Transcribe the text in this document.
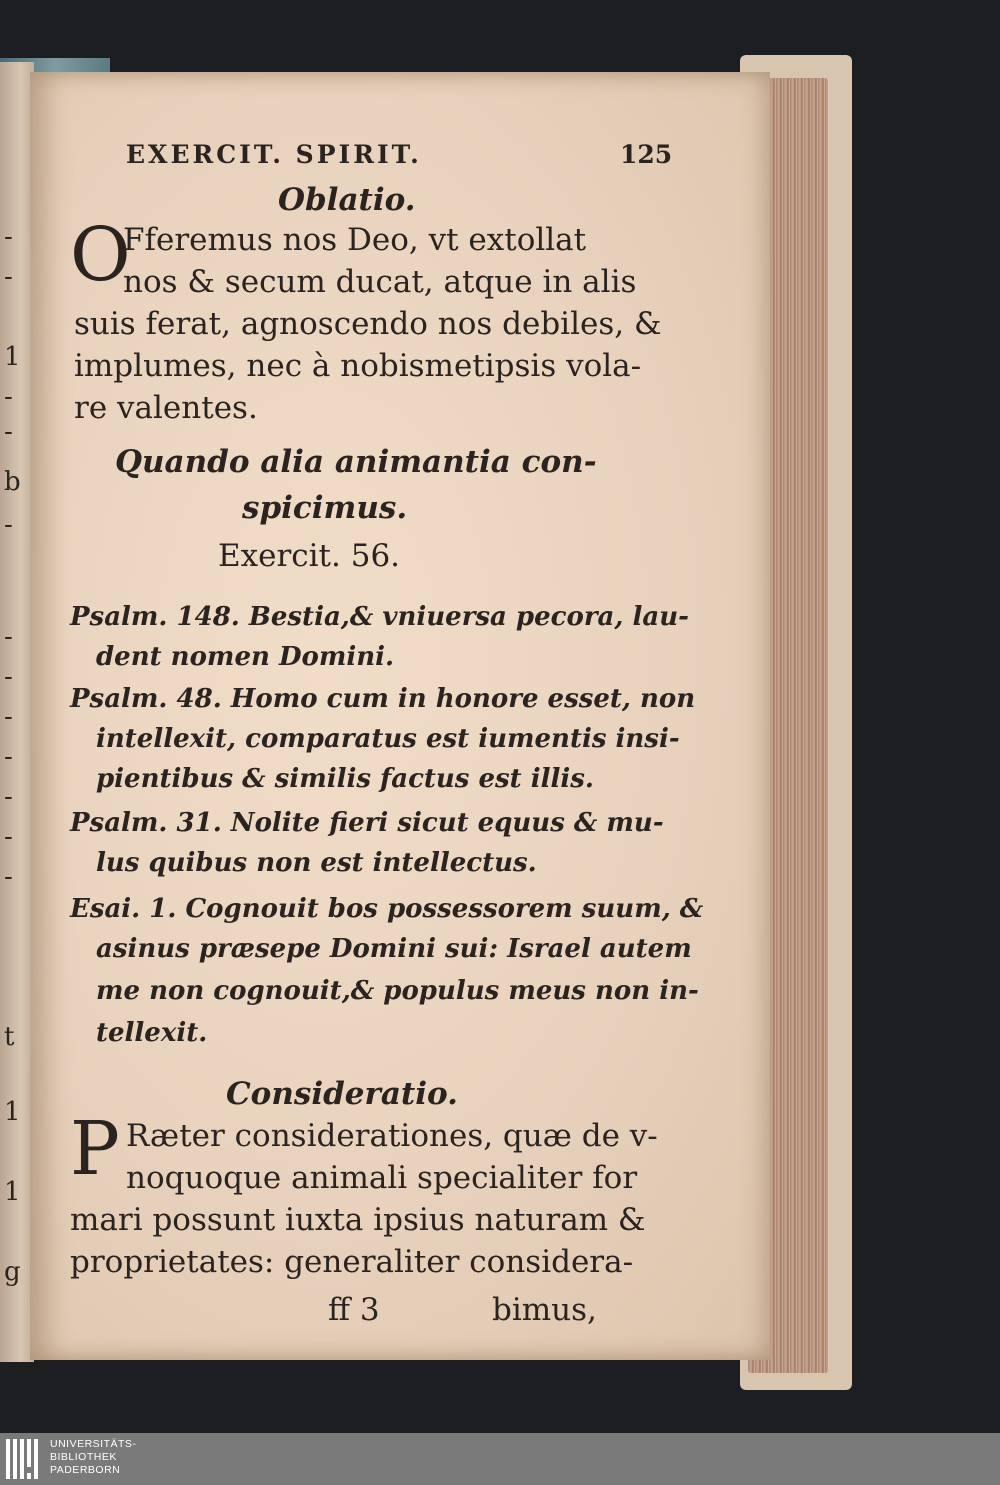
-
-
1
-
-
b
-
-
-
-
-
-
-
-
t
1
1
g
EXERCIT. SPIRIT.	125
Oblatio.
O
Fferemus nos Deo, vt extollat
nos & secum ducat, atque in alis
suis ferat, agnoscendo nos debiles, &
implumes, nec à nobismetipsis vola-
re valentes.
Quando alia animantia con-
spicimus.
Exercit. 56.
Psalm. 148. Bestia,& vniuersa pecora, lau-
dent nomen Domini.
Psalm. 48. Homo cum in honore esset, non
intellexit, comparatus est iumentis insi-
pientibus & similis factus est illis.
Psalm. 31. Nolite fieri sicut equus & mu-
lus quibus non est intellectus.
Esai. 1. Cognouit bos possessorem suum, &
asinus præsepe Domini sui: Israel autem
me non cognouit,& populus meus non in-
tellexit.
Consideratio.
P Ræter considerationes, quæ de v-
noquoque animali specialiter for
mari possunt iuxta ipsius naturam &
proprietates: generaliter considera-
ff 3	bimus,
UNIVERSITÄTS-
BIBLIOTHEK
PADERBORN
